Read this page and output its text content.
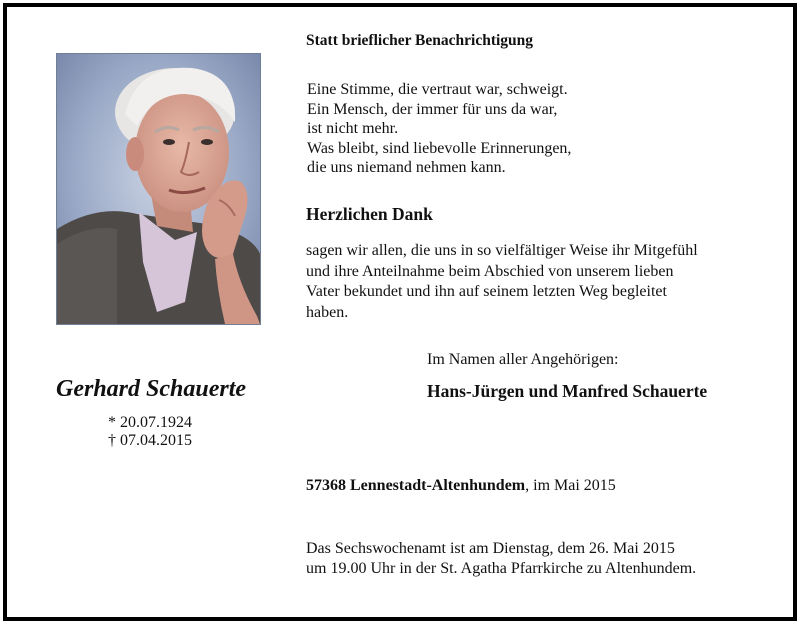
Statt brieflicher Benachrichtigung
Eine Stimme, die vertraut war, schweigt.
Ein Mensch, der immer für uns da war,
ist nicht mehr.
Was bleibt, sind liebevolle Erinnerungen,
die uns niemand nehmen kann.
Herzlichen Dank
sagen wir allen, die uns in so vielfältiger Weise ihr Mitgefühl
und ihre Anteilnahme beim Abschied von unserem lieben
Vater bekundet und ihn auf seinem letzten Weg begleitet
haben.
Im Namen aller Angehörigen:
Hans-Jürgen und Manfred Schauerte
Gerhard Schauerte
* 20.07.1924
† 07.04.2015
57368 Lennestadt-Altenhundem, im Mai 2015
Das Sechswochenamt ist am Dienstag, dem 26. Mai 2015
um 19.00 Uhr in der St. Agatha Pfarrkirche zu Altenhundem.
